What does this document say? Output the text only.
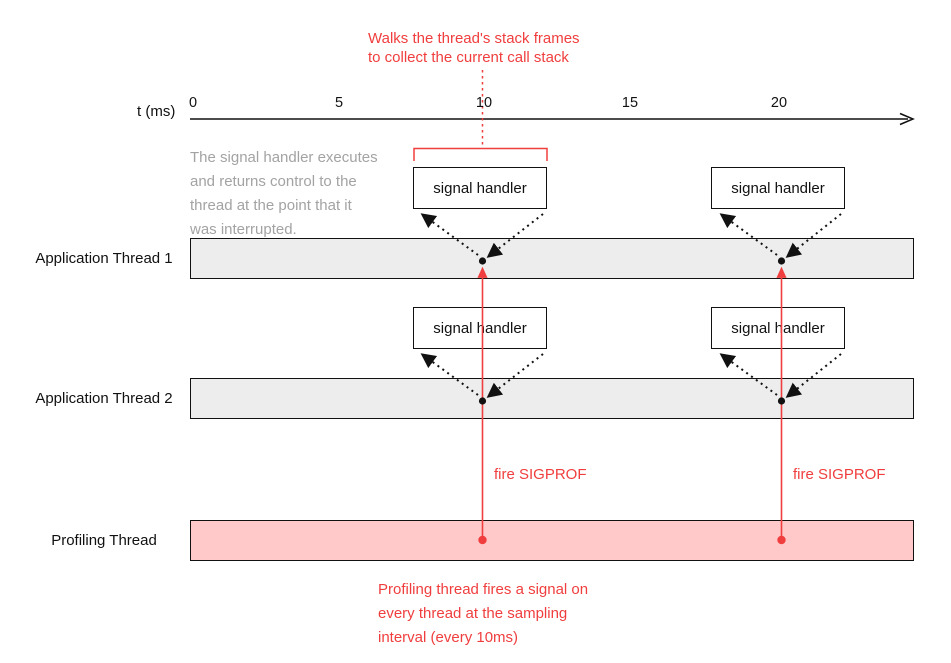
signal handler	signal handler
signal handler	signal handler
Walks the thread's stack frames
to collect the current call stack
t (ms) 0	5	10	15	20
The signal handler executes
and returns control to the
thread at the point that it
was interrupted.
Application Thread 1
Application Thread 2
Profiling Thread
fire SIGPROF	fire SIGPROF
Profiling thread fires a signal on
every thread at the sampling
interval (every 10ms)
